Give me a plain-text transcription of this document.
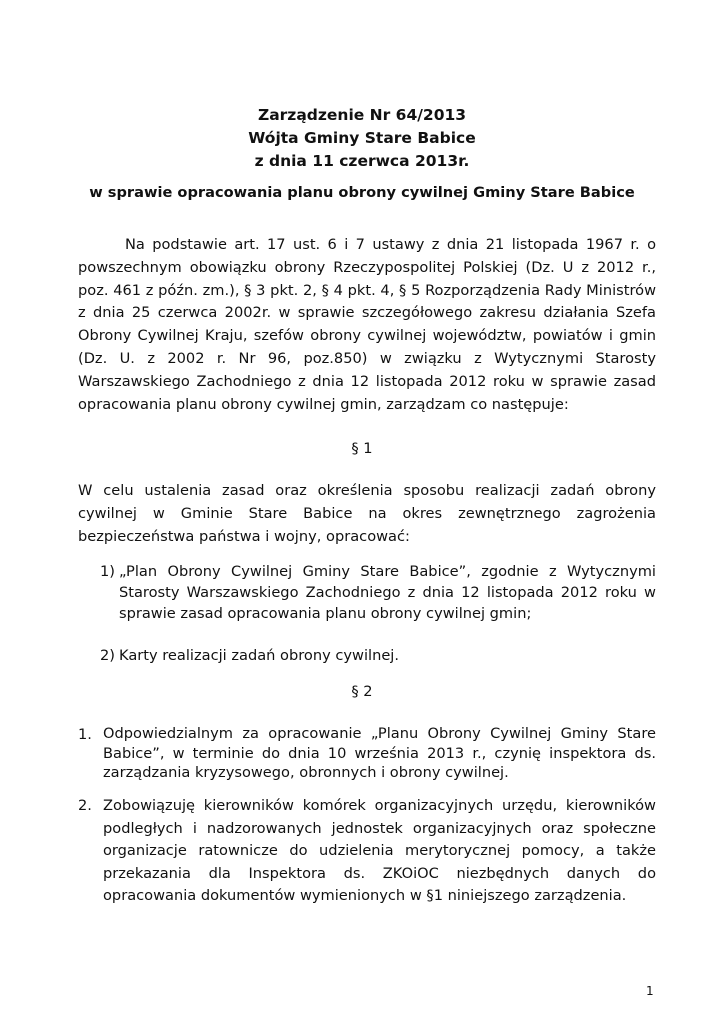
Zarządzenie Nr 64/2013
Wójta Gminy Stare Babice
z dnia 11 czerwca 2013r.
w sprawie opracowania planu obrony cywilnej Gminy Stare Babice

Na podstawie art. 17 ust. 6 i 7 ustawy z dnia 21 listopada 1967 r. o powszechnym obowiązku obrony Rzeczypospolitej Polskiej (Dz. U z 2012 r., poz. 461 z późn. zm.), § 3 pkt. 2, § 4 pkt. 4, § 5 Rozporządzenia Rady Ministrów z dnia 25 czerwca 2002r. w sprawie szczegółowego zakresu działania Szefa Obrony Cywilnej Kraju, szefów obrony cywilnej województw, powiatów i gmin (Dz. U. z 2002 r. Nr 96, poz.850) w związku z Wytycznymi Starosty Warszawskiego Zachodniego z dnia 12 listopada 2012 roku w sprawie zasad opracowania planu obrony cywilnej gmin, zarządzam co następuje:

§ 1

W celu ustalenia zasad oraz określenia sposobu realizacji zadań obrony cywilnej w Gminie Stare Babice na okres zewnętrznego zagrożenia bezpieczeństwa państwa i wojny, opracować:

1) „Plan Obrony Cywilnej Gminy Stare Babice”, zgodnie z Wytycznymi Starosty Warszawskiego Zachodniego z dnia 12 listopada 2012 roku w sprawie zasad opracowania planu obrony cywilnej gmin;

2) Karty realizacji zadań obrony cywilnej.

§ 2
1. Odpowiedzialnym za opracowanie „Planu Obrony Cywilnej Gminy Stare Babice”, w terminie do dnia 10 września 2013 r., czynię inspektora ds. zarządzania kryzysowego, obronnych i obrony cywilnej.

2. Zobowiązuję kierowników komórek organizacyjnych urzędu, kierowników podległych i nadzorowanych jednostek organizacyjnych oraz społeczne organizacje ratownicze do udzielenia merytorycznej pomocy, a także przekazania dla Inspektora ds. ZKOiOC niezbędnych danych do opracowania dokumentów wymienionych w §1 niniejszego zarządzenia.

1
